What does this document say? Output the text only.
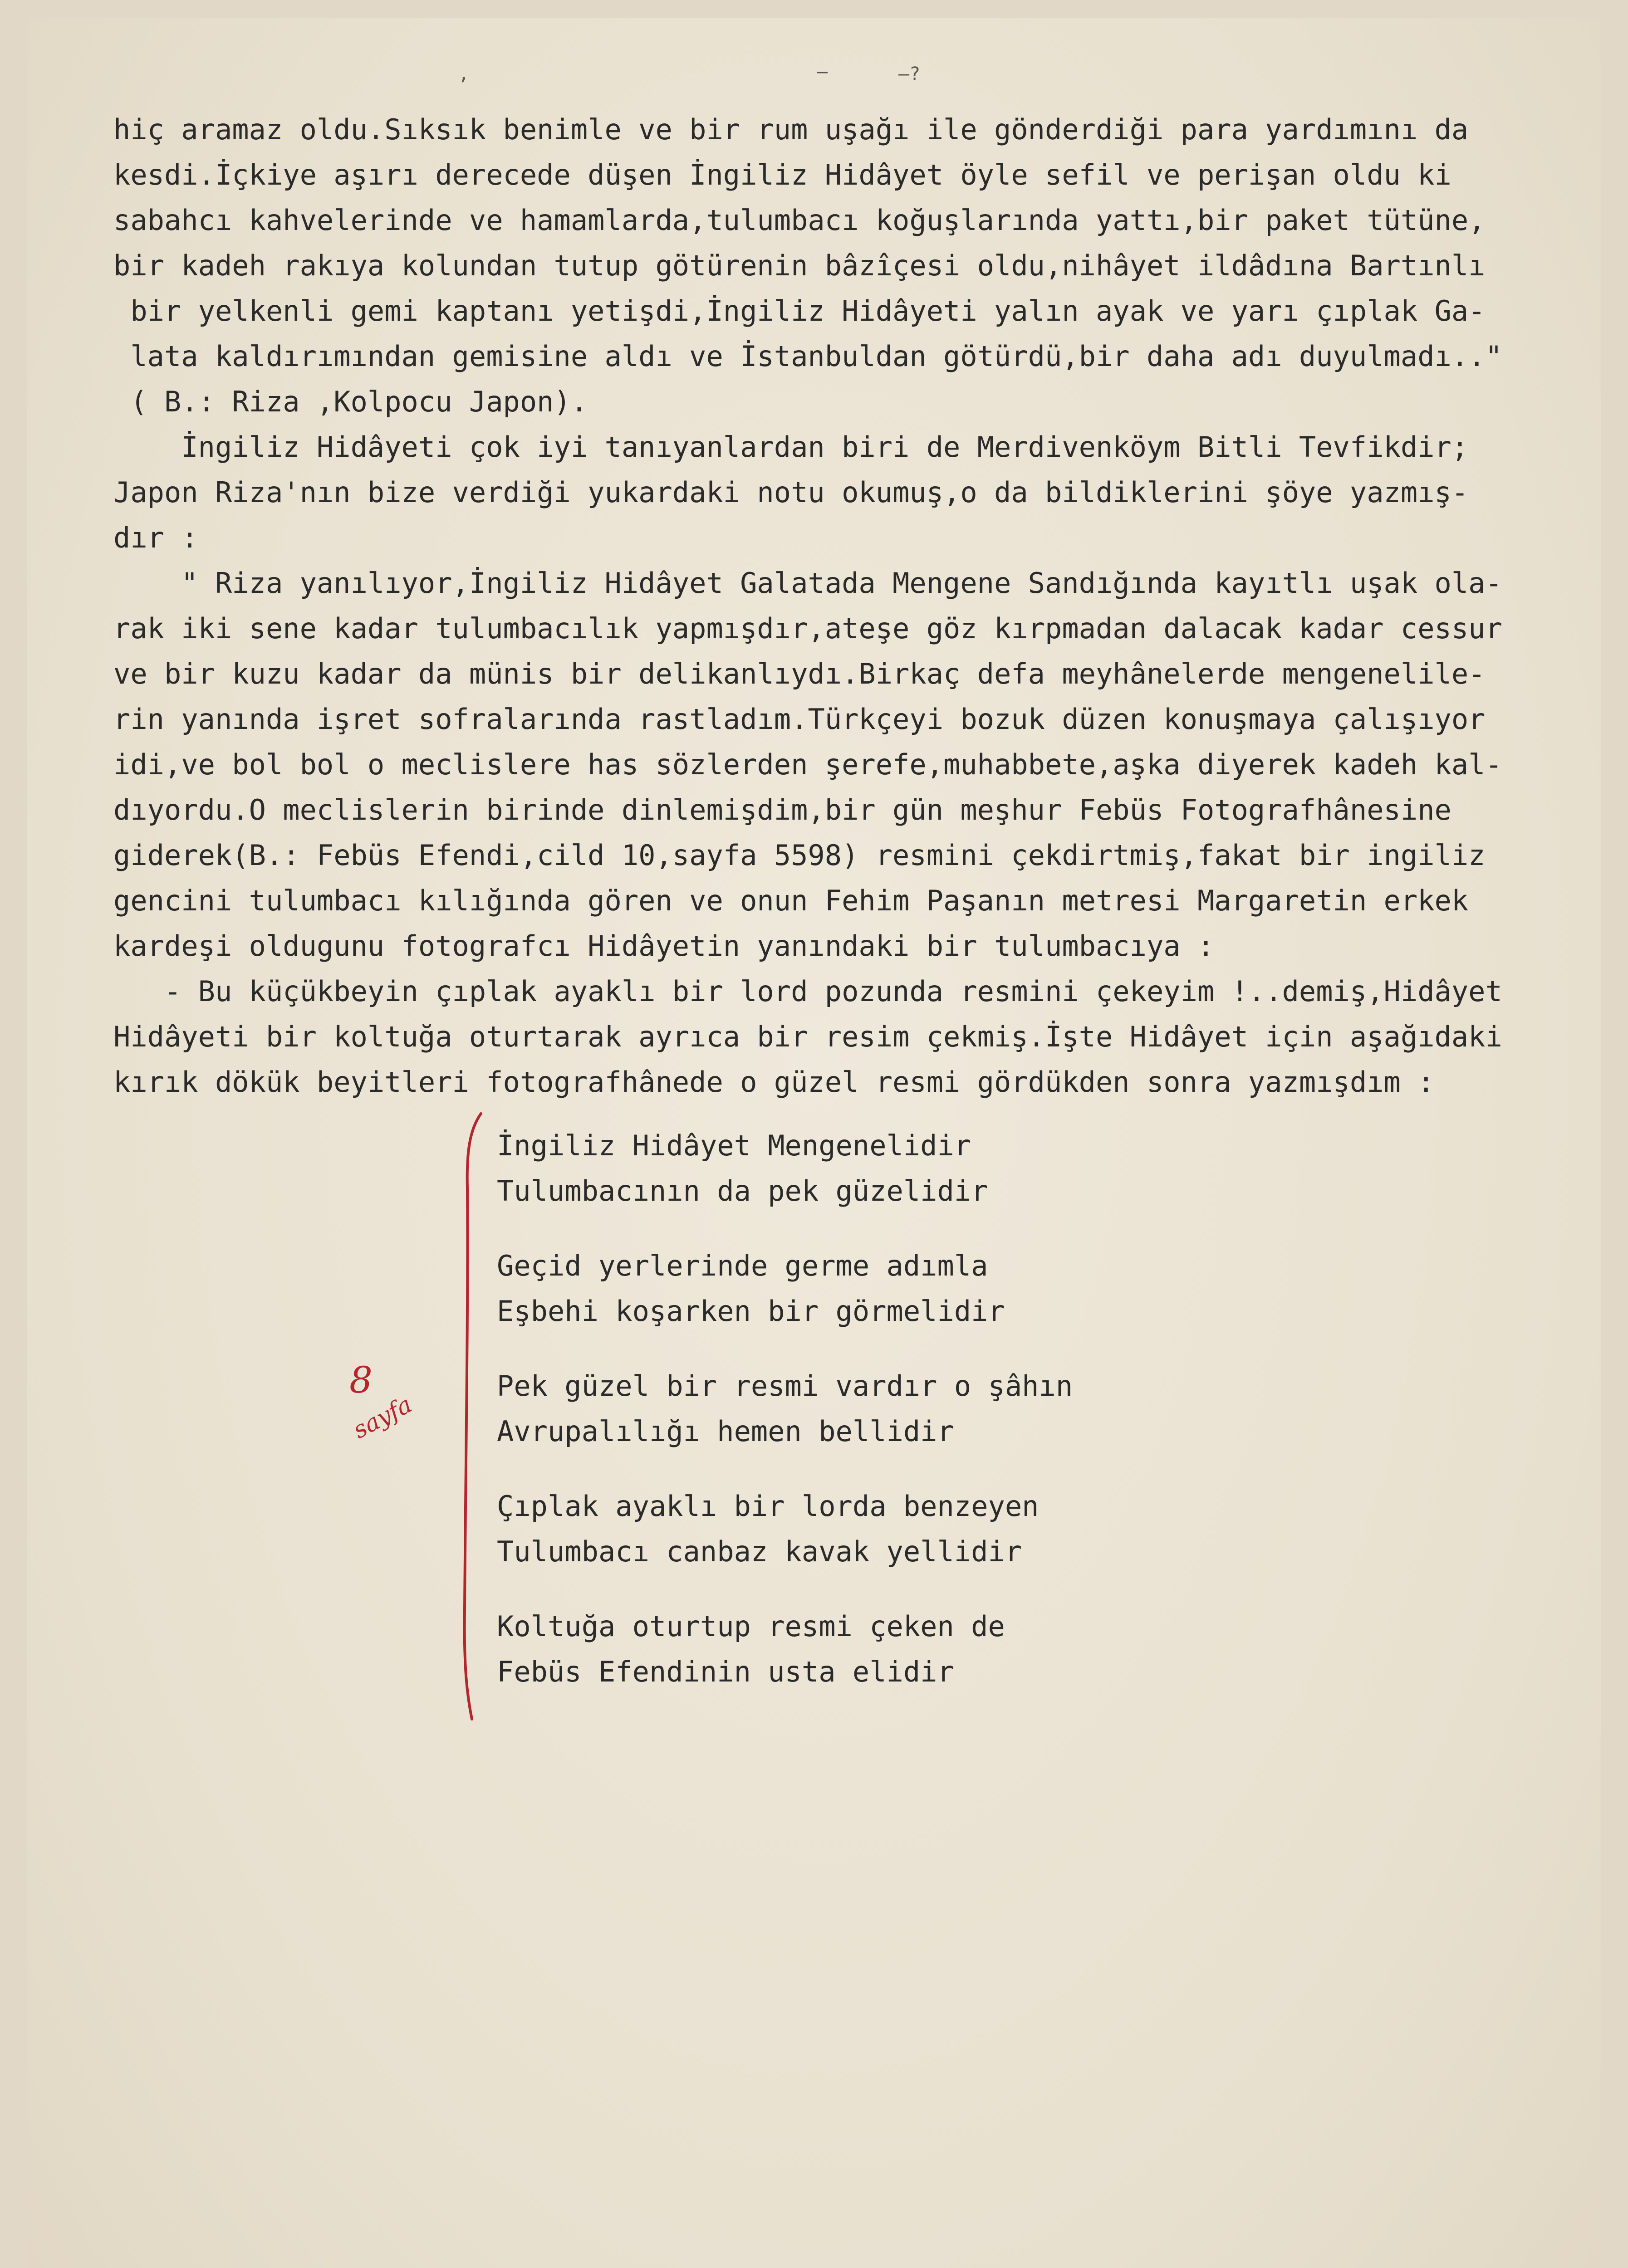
,	–	–?
hiç aramaz oldu.Sıksık benimle ve bir rum uşağı ile gönderdiği para yardımını da
kesdi.İçkiye aşırı derecede düşen İngiliz Hidâyet öyle sefil ve perişan oldu ki
sabahcı kahvelerinde ve hamamlarda,tulumbacı koğuşlarında yattı,bir paket tütüne,
bir kadeh rakıya kolundan tutup götürenin bâzîçesi oldu,nihâyet ildâdına Bartınlı
bir yelkenli gemi kaptanı yetişdi,İngiliz Hidâyeti yalın ayak ve yarı çıplak Ga-
lata kaldırımından gemisine aldı ve İstanbuldan götürdü,bir daha adı duyulmadı.."
( B.: Riza ,Kolpocu Japon).
İngiliz Hidâyeti çok iyi tanıyanlardan biri de Merdivenköym Bitli Tevfikdir;
Japon Riza'nın bize verdiği yukardaki notu okumuş,o da bildiklerini şöye yazmış-
dır :
" Riza yanılıyor,İngiliz Hidâyet Galatada Mengene Sandığında kayıtlı uşak ola-
rak iki sene kadar tulumbacılık yapmışdır,ateşe göz kırpmadan dalacak kadar cessur
ve bir kuzu kadar da münis bir delikanlıydı.Birkaç defa meyhânelerde mengenelile-
rin yanında işret sofralarında rastladım.Türkçeyi bozuk düzen konuşmaya çalışıyor
idi,ve bol bol o meclislere has sözlerden şerefe,muhabbete,aşka diyerek kadeh kal-
dıyordu.O meclislerin birinde dinlemişdim,bir gün meşhur Febüs Fotografhânesine
giderek(B.: Febüs Efendi,cild 10,sayfa 5598) resmini çekdirtmiş,fakat bir ingiliz
gencini tulumbacı kılığında gören ve onun Fehim Paşanın metresi Margaretin erkek
kardeşi oldugunu fotografcı Hidâyetin yanındaki bir tulumbacıya :
- Bu küçükbeyin çıplak ayaklı bir lord pozunda resmini çekeyim !..demiş,Hidâyet
Hidâyeti bir koltuğa oturtarak ayrıca bir resim çekmiş.İşte Hidâyet için aşağıdaki
kırık dökük beyitleri fotografhânede o güzel resmi gördükden sonra yazmışdım :
İngiliz Hidâyet Mengenelidir
Tulumbacının da pek güzelidir
Geçid yerlerinde germe adımla
Eşbehi koşarken bir görmelidir
Pek güzel bir resmi vardır o şâhın
Avrupalılığı hemen bellidir
Çıplak ayaklı bir lorda benzeyen
Tulumbacı canbaz kavak yellidir
Koltuğa oturtup resmi çeken de
Febüs Efendinin usta elidir
8
sayfa
